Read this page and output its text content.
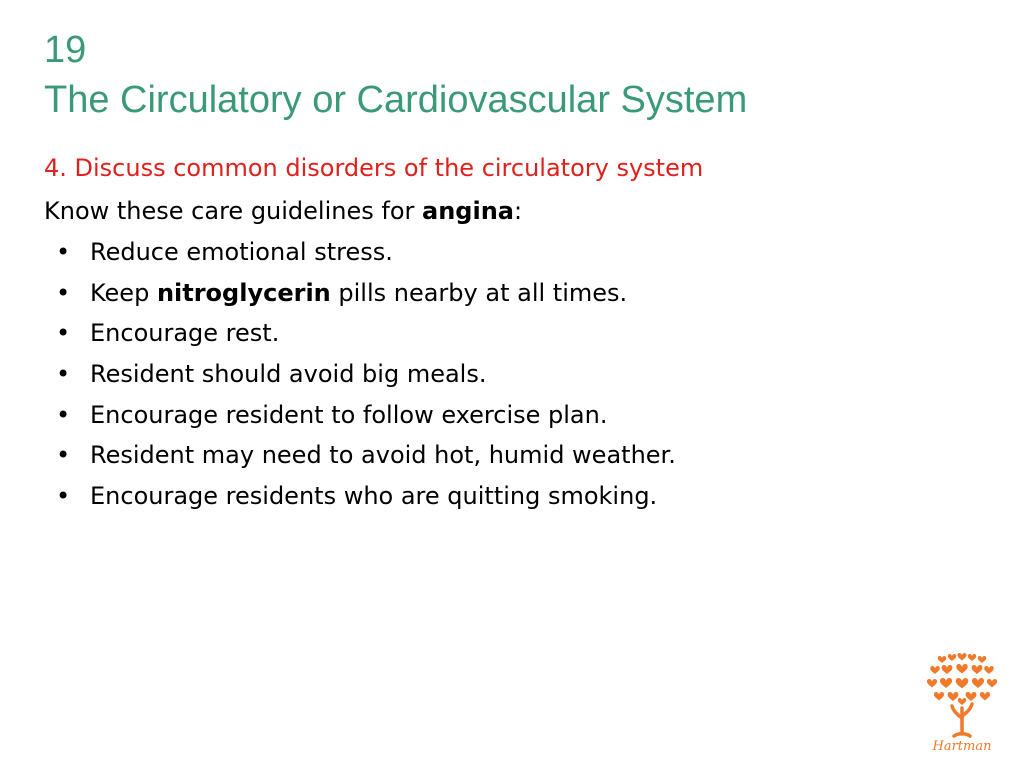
19
The Circulatory or Cardiovascular System

4. Discuss common disorders of the circulatory system

Know these care guidelines for angina:

• Reduce emotional stress.
• Keep nitroglycerin pills nearby at all times.
• Encourage rest.
• Resident should avoid big meals.
• Encourage resident to follow exercise plan.
• Resident may need to avoid hot, humid weather.
• Encourage residents who are quitting smoking.
Hartman
